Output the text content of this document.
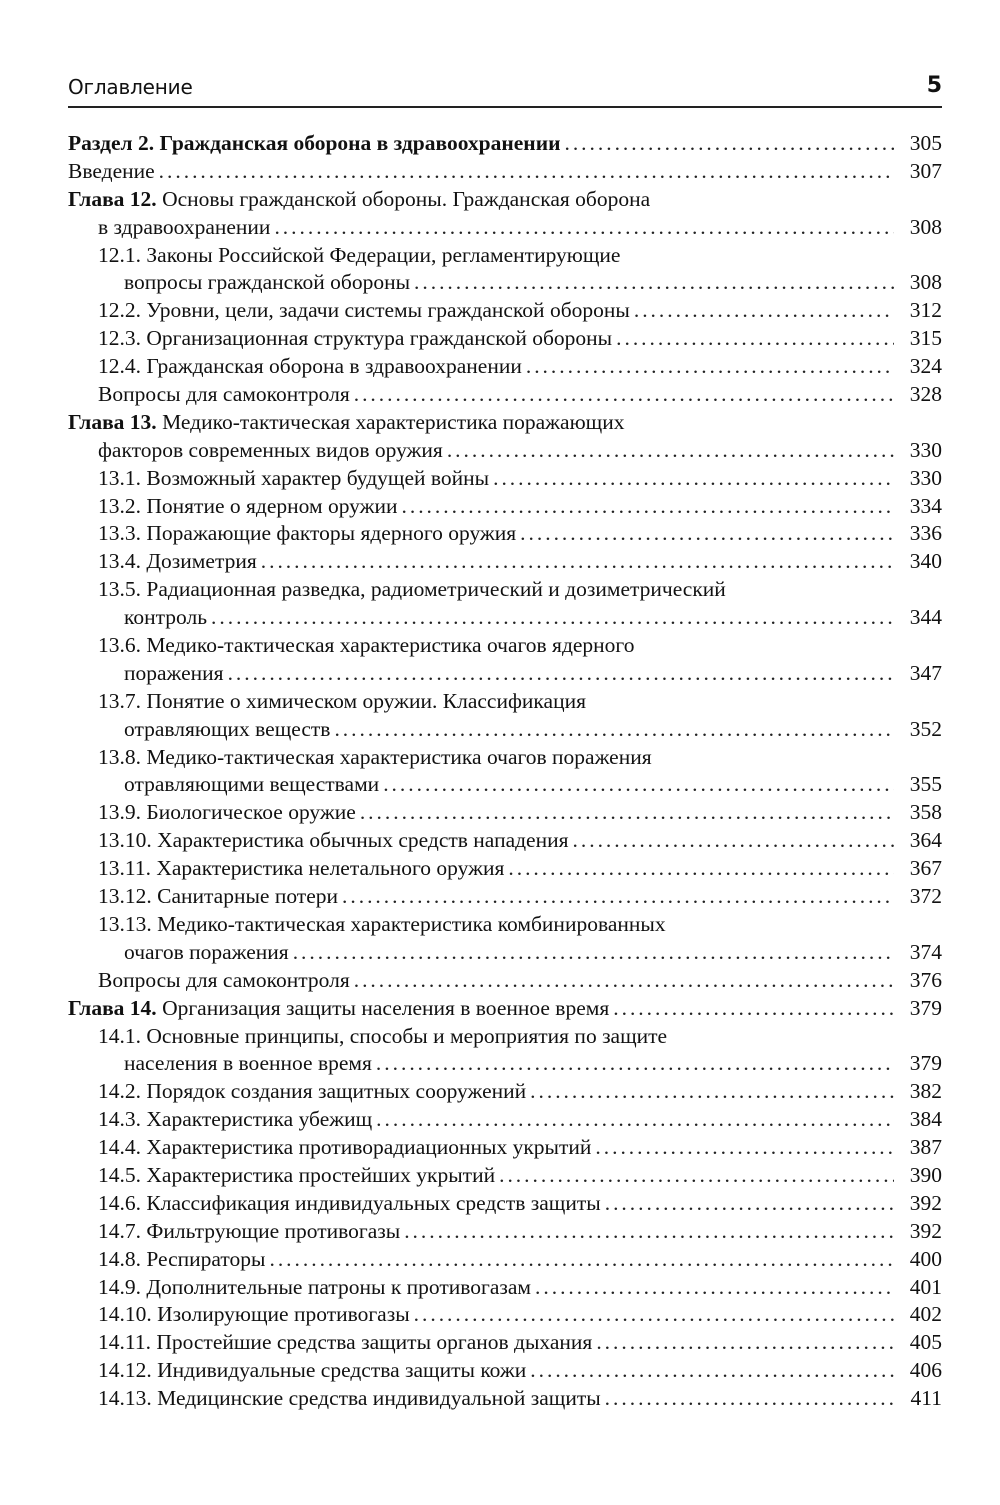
Оглавление	5
Раздел 2. Гражданская оборона в здравоохранении . . .	305
Введение . . .	307
Глава 12. Основы гражданской обороны. Гражданская оборона
в здравоохранении . . .	308
12.1. Законы Российской Федерации, регламентирующие
вопросы гражданской обороны . . .	308
12.2. Уровни, цели, задачи системы гражданской обороны . . .	312
12.3. Организационная структура гражданской обороны . . .	315
12.4. Гражданская оборона в здравоохранении . . .	324
Вопросы для самоконтроля . . .	328
Глава 13. Медико-тактическая характеристика поражающих
факторов современных видов оружия . . .	330
13.1. Возможный характер будущей войны . . .	330
13.2. Понятие о ядерном оружии . . .	334
13.3. Поражающие факторы ядерного оружия . . .	336
13.4. Дозиметрия . . .	340
13.5. Радиационная разведка, радиометрический и дозиметрический
контроль . . .	344
13.6. Медико-тактическая характеристика очагов ядерного
поражения . . .	347
13.7. Понятие о химическом оружии. Классификация
отравляющих веществ . . .	352
13.8. Медико-тактическая характеристика очагов поражения
отравляющими веществами . . .	355
13.9. Биологическое оружие . . .	358
13.10. Характеристика обычных средств нападения . . .	364
13.11. Характеристика нелетального оружия . . .	367
13.12. Санитарные потери . . .	372
13.13. Медико-тактическая характеристика комбинированных
очагов поражения . . .	374
Вопросы для самоконтроля . . .	376
Глава 14. Организация защиты населения в военное время . . .	379
14.1. Основные принципы, способы и мероприятия по защите
населения в военное время . . .	379
14.2. Порядок создания защитных сооружений . . .	382
14.3. Характеристика убежищ . . .	384
14.4. Характеристика противорадиационных укрытий . . .	387
14.5. Характеристика простейших укрытий . . .	390
14.6. Классификация индивидуальных средств защиты . . .	392
14.7. Фильтрующие противогазы . . .	392
14.8. Респираторы . . .	400
14.9. Дополнительные патроны к противогазам . . .	401
14.10. Изолирующие противогазы . . .	402
14.11. Простейшие средства защиты органов дыхания . . .	405
14.12. Индивидуальные средства защиты кожи . . .	406
14.13. Медицинские средства индивидуальной защиты . . .	411
